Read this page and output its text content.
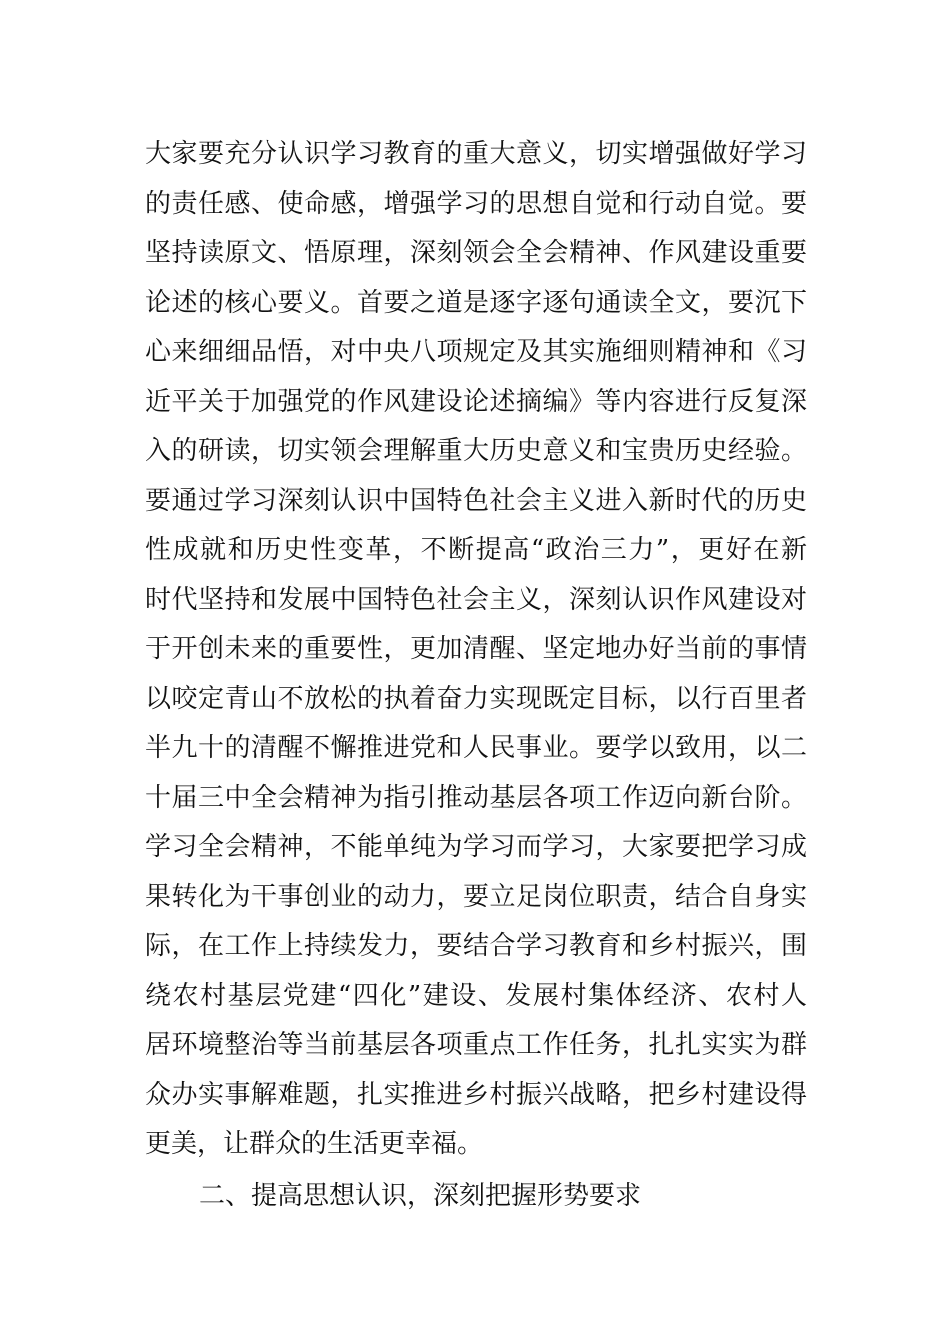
大家要充分认识学习教育的重大意义，切实增强做好学习
的责任感、使命感，增强学习的思想自觉和行动自觉。要
坚持读原文、悟原理，深刻领会全会精神、作风建设重要
论述的核心要义。首要之道是逐字逐句通读全文，要沉下
心来细细品悟，对中央八项规定及其实施细则精神和《习
近平关于加强党的作风建设论述摘编》等内容进行反复深
入的研读，切实领会理解重大历史意义和宝贵历史经验。
要通过学习深刻认识中国特色社会主义进入新时代的历史
性成就和历史性变革，不断提高“政治三力”，更好在新
时代坚持和发展中国特色社会主义，深刻认识作风建设对
于开创未来的重要性，更加清醒、坚定地办好当前的事情
以咬定青山不放松的执着奋力实现既定目标，以行百里者
半九十的清醒不懈推进党和人民事业。要学以致用，以二
十届三中全会精神为指引推动基层各项工作迈向新台阶。
学习全会精神，不能单纯为学习而学习，大家要把学习成
果转化为干事创业的动力，要立足岗位职责，结合自身实
际，在工作上持续发力，要结合学习教育和乡村振兴，围
绕农村基层党建“四化”建设、发展村集体经济、农村人
居环境整治等当前基层各项重点工作任务，扎扎实实为群
众办实事解难题，扎实推进乡村振兴战略，把乡村建设得
更美，让群众的生活更幸福。
二、提高思想认识，深刻把握形势要求
